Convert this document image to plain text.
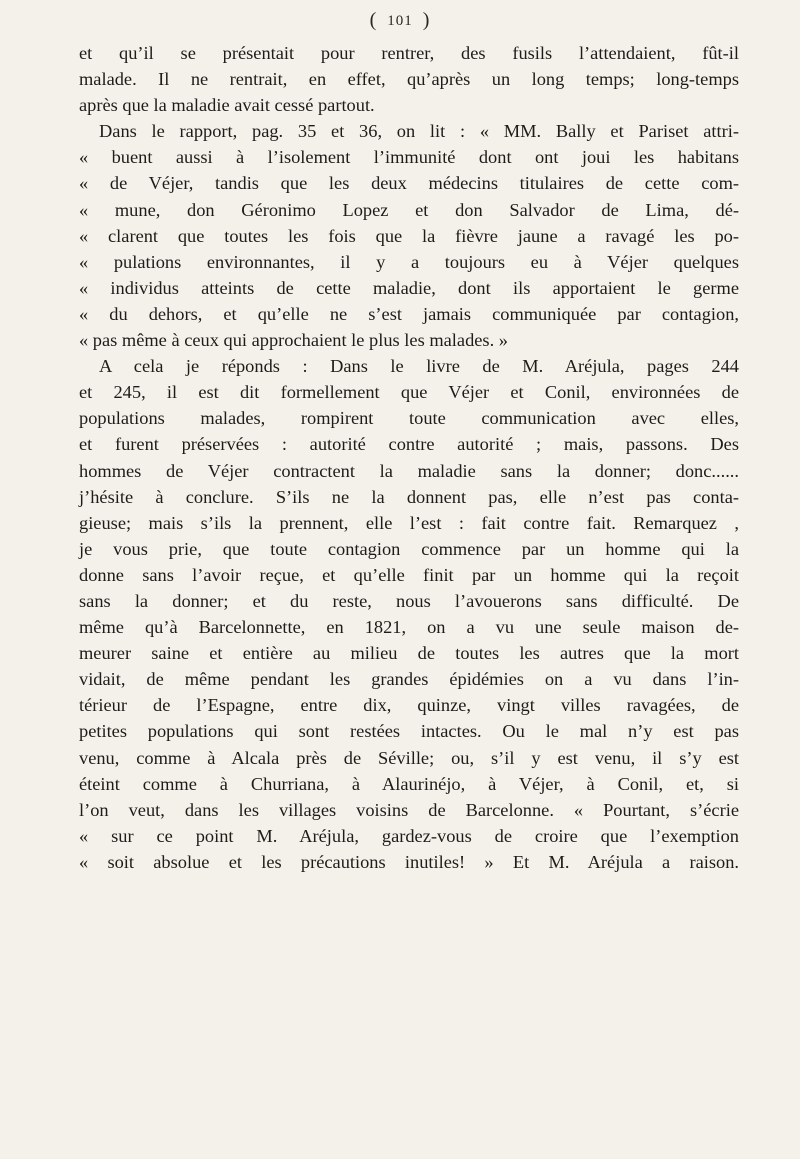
( 101 )
et qu’il se présentait pour rentrer, des fusils l’attendaient, fût-il
malade. Il ne rentrait, en effet, qu’après un long temps; long-temps
après que la maladie avait cessé partout.
Dans le rapport, pag. 35 et 36, on lit : « MM. Bally et Pariset attri-
« buent aussi à l’isolement l’immunité dont ont joui les habitans
« de Véjer, tandis que les deux médecins titulaires de cette com-
« mune, don Géronimo Lopez et don Salvador de Lima, dé-
« clarent que toutes les fois que la fièvre jaune a ravagé les po-
« pulations environnantes, il y a toujours eu à Véjer quelques
« individus atteints de cette maladie, dont ils apportaient le germe
« du dehors, et qu’elle ne s’est jamais communiquée par contagion,
« pas même à ceux qui approchaient le plus les malades. »
A cela je réponds : Dans le livre de M. Aréjula, pages 244
et 245, il est dit formellement que Véjer et Conil, environnées de
populations malades, rompirent toute communication avec elles,
et furent préservées : autorité contre autorité ; mais, passons. Des
hommes de Véjer contractent la maladie sans la donner; donc......
j’hésite à conclure. S’ils ne la donnent pas, elle n’est pas conta-
gieuse; mais s’ils la prennent, elle l’est : fait contre fait. Remarquez ,
je vous prie, que toute contagion commence par un homme qui la
donne sans l’avoir reçue, et qu’elle finit par un homme qui la reçoit
sans la donner; et du reste, nous l’avouerons sans difficulté. De
même qu’à Barcelonnette, en 1821, on a vu une seule maison de-
meurer saine et entière au milieu de toutes les autres que la mort
vidait, de même pendant les grandes épidémies on a vu dans l’in-
térieur de l’Espagne, entre dix, quinze, vingt villes ravagées, de
petites populations qui sont restées intactes. Ou le mal n’y est pas
venu, comme à Alcala près de Séville; ou, s’il y est venu, il s’y est
éteint comme à Churriana, à Alaurinéjo, à Véjer, à Conil, et, si
l’on veut, dans les villages voisins de Barcelonne. « Pourtant, s’écrie
« sur ce point M. Aréjula, gardez-vous de croire que l’exemption
« soit absolue et les précautions inutiles! » Et M. Aréjula a raison.
